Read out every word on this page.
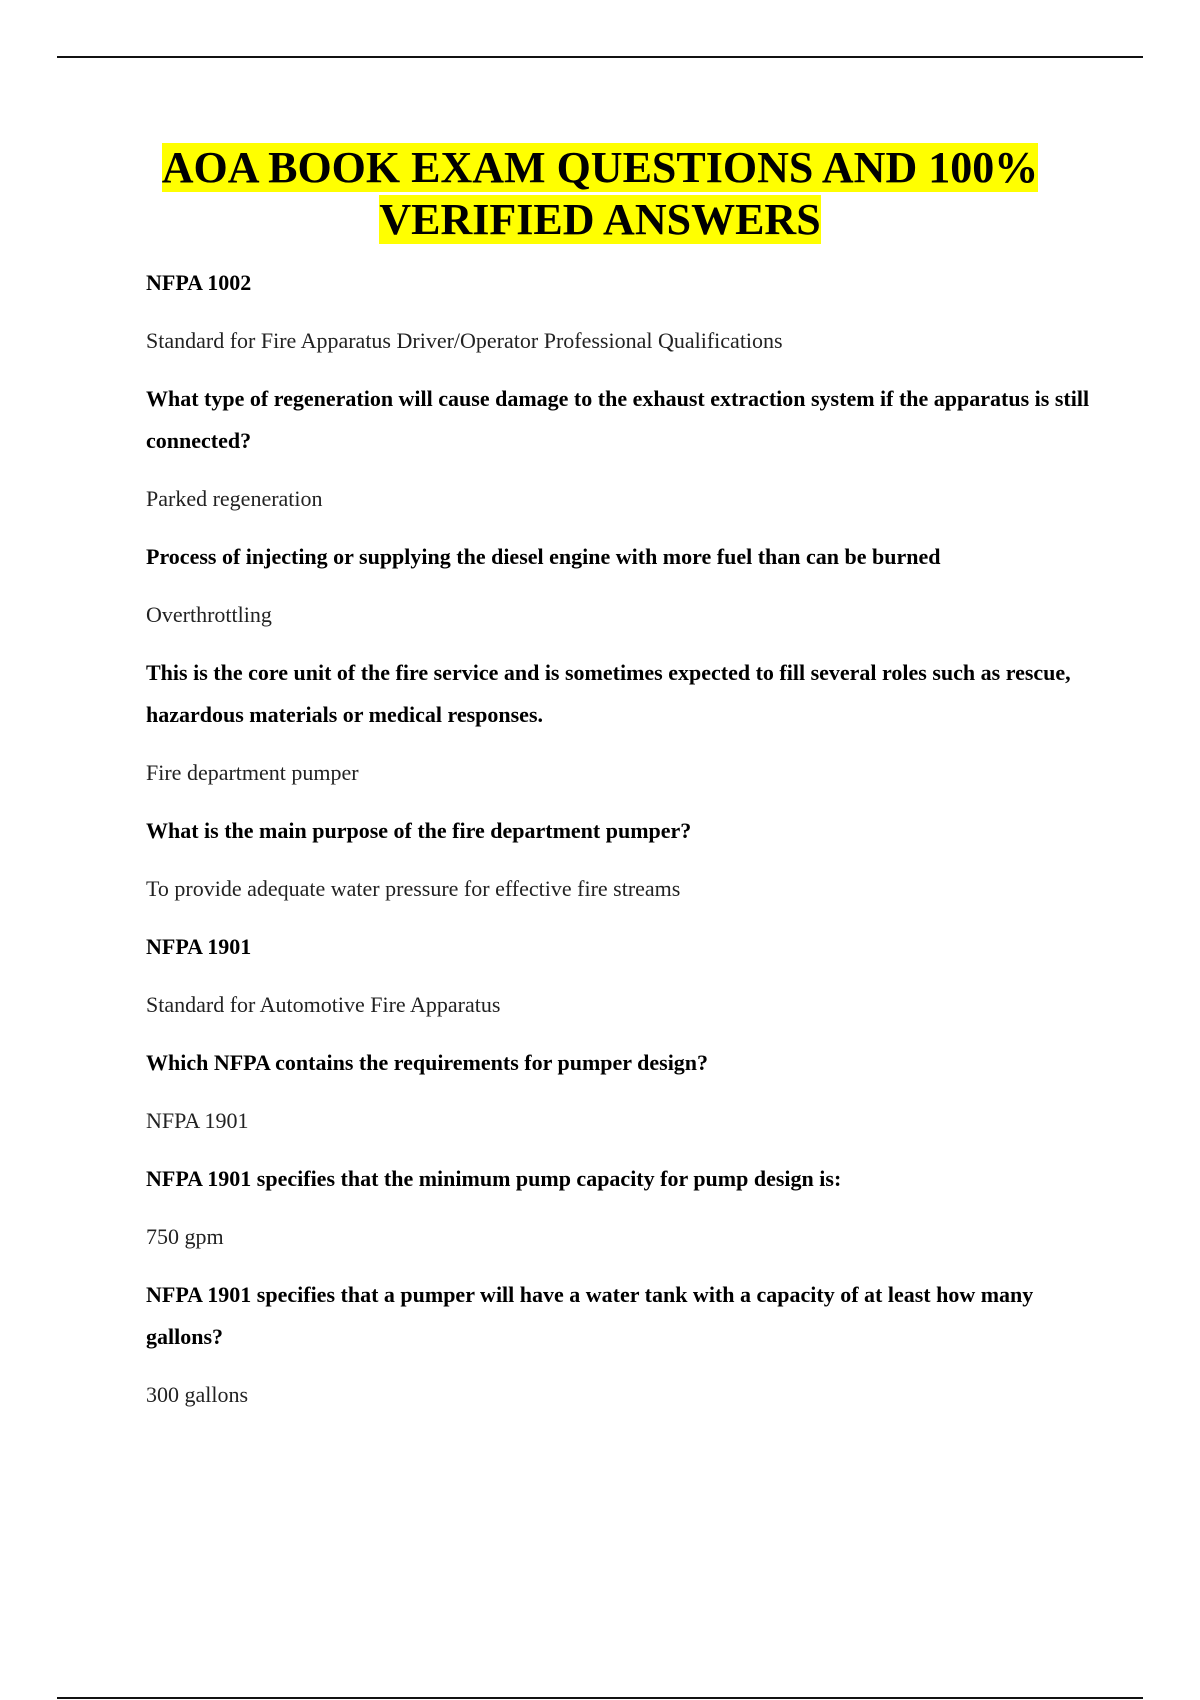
AOA BOOK EXAM QUESTIONS AND 100%
VERIFIED ANSWERS

NFPA 1002

Standard for Fire Apparatus Driver/Operator Professional Qualifications

What type of regeneration will cause damage to the exhaust extraction system if the apparatus is still connected?

Parked regeneration

Process of injecting or supplying the diesel engine with more fuel than can be burned

Overthrottling

This is the core unit of the fire service and is sometimes expected to fill several roles such as rescue, hazardous materials or medical responses.

Fire department pumper

What is the main purpose of the fire department pumper?

To provide adequate water pressure for effective fire streams

NFPA 1901

Standard for Automotive Fire Apparatus

Which NFPA contains the requirements for pumper design?

NFPA 1901

NFPA 1901 specifies that the minimum pump capacity for pump design is:

750 gpm

NFPA 1901 specifies that a pumper will have a water tank with a capacity of at least how many gallons?

300 gallons
